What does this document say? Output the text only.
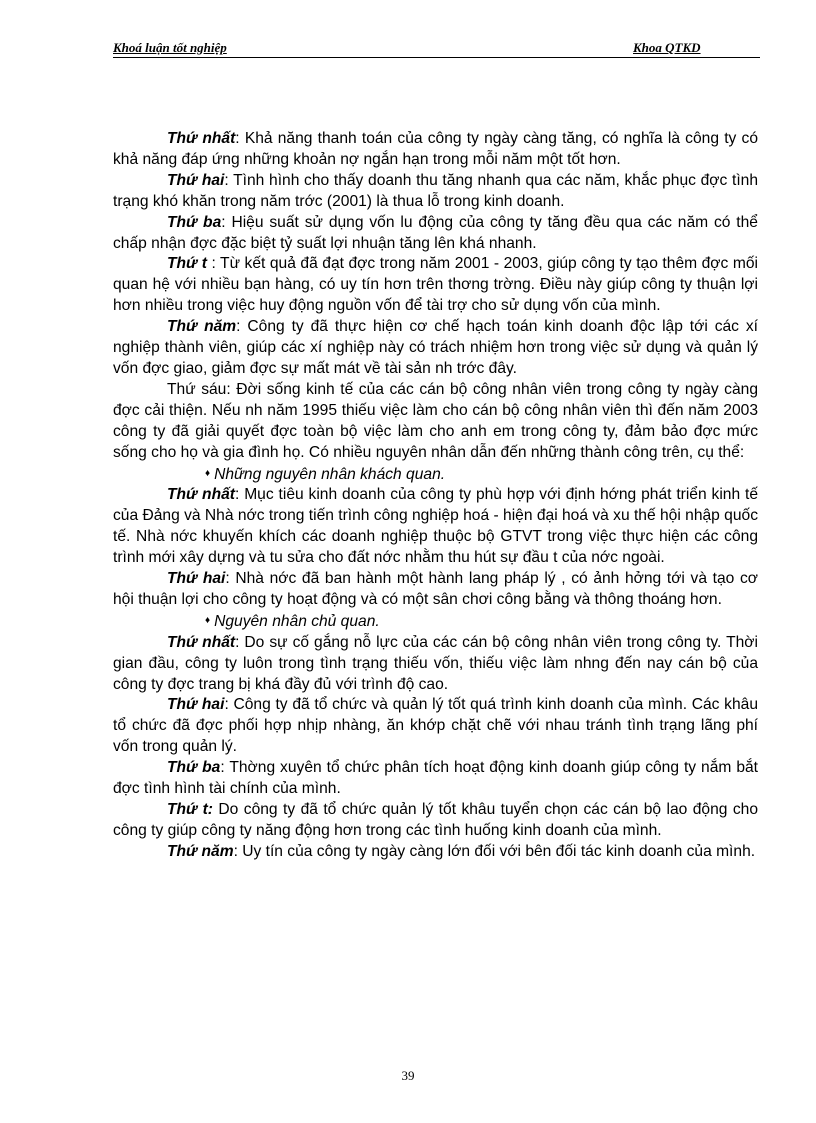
Khoá luận tốt nghiệp	Khoa QTKD

Thứ nhất: Khả năng thanh toán của công ty ngày càng tăng, có nghĩa là công ty có khả năng đáp ứng những khoản nợ ngắn hạn trong mỗi năm một tốt hơn.

Thứ hai: Tình hình cho thấy doanh thu tăng nhanh qua các năm, khắc phục đợc tình trạng khó khăn trong năm trớc (2001) là thua lỗ trong kinh doanh.

Thứ ba: Hiệu suất sử dụng vốn lu động của công ty tăng đều qua các năm có thể chấp nhận đợc đặc biệt tỷ suất lợi nhuận tăng lên khá nhanh.

Thứ t : Từ kết quả đã đạt đợc trong năm 2001 - 2003, giúp công ty tạo thêm đợc mối quan hệ với nhiều bạn hàng, có uy tín hơn trên thơng trờng. Điều này giúp công ty thuận lợi hơn nhiều trong việc huy động nguồn vốn để tài trợ cho sử dụng vốn của mình.

Thứ năm: Công ty đã thực hiện cơ chế hạch toán kinh doanh độc lập tới các xí nghiệp thành viên, giúp các xí nghiệp này có trách nhiệm hơn trong việc sử dụng và quản lý vốn đợc giao, giảm đợc sự mất mát về tài sản nh trớc đây.

Thứ sáu: Đời sống kinh tế của các cán bộ công nhân viên trong công ty ngày càng đợc cải thiện. Nếu nh năm 1995 thiếu việc làm cho cán bộ công nhân viên thì đến năm 2003 công ty đã giải quyết đợc toàn bộ việc làm cho anh em trong công ty, đảm bảo đợc mức sống cho họ và gia đình họ. Có nhiều nguyên nhân dẫn đến những thành công trên, cụ thể:

♦ Những nguyên nhân khách quan.

Thứ nhất: Mục tiêu kinh doanh của công ty phù hợp với định hớng phát triển kinh tế của Đảng và Nhà nớc trong tiến trình công nghiệp hoá - hiện đại hoá và xu thế hội nhập quốc tế. Nhà nớc khuyến khích các doanh nghiệp thuộc bộ GTVT trong việc thực hiện các công trình mới xây dựng và tu sửa cho đất nớc nhằm thu hút sự đầu t của nớc ngoài.

Thứ hai: Nhà nớc đã ban hành một hành lang pháp lý , có ảnh hởng tới và tạo cơ hội thuận lợi cho công ty hoạt động và có một sân chơi công bằng và thông thoáng hơn.

♦ Nguyên nhân chủ quan.

Thứ nhất: Do sự cố gắng nỗ lực của các cán bộ công nhân viên trong công ty. Thời gian đầu, công ty luôn trong tình trạng thiếu vốn, thiếu việc làm nhng đến nay cán bộ của công ty đợc trang bị khá đầy đủ với trình độ cao.

Thứ hai: Công ty đã tổ chức và quản lý tốt quá trình kinh doanh của mình. Các khâu tổ chức đã đợc phối hợp nhịp nhàng, ăn khớp chặt chẽ với nhau tránh tình trạng lãng phí vốn trong quản lý.

Thứ ba: Thờng xuyên tổ chức phân tích hoạt động kinh doanh giúp công ty nắm bắt đợc tình hình tài chính của mình.

Thứ t: Do công ty đã tổ chức quản lý tốt khâu tuyển chọn các cán bộ lao động cho công ty giúp công ty năng động hơn trong các tình huống kinh doanh của mình.

Thứ năm: Uy tín của công ty ngày càng lớn đối với bên đối tác kinh doanh của mình.

39
